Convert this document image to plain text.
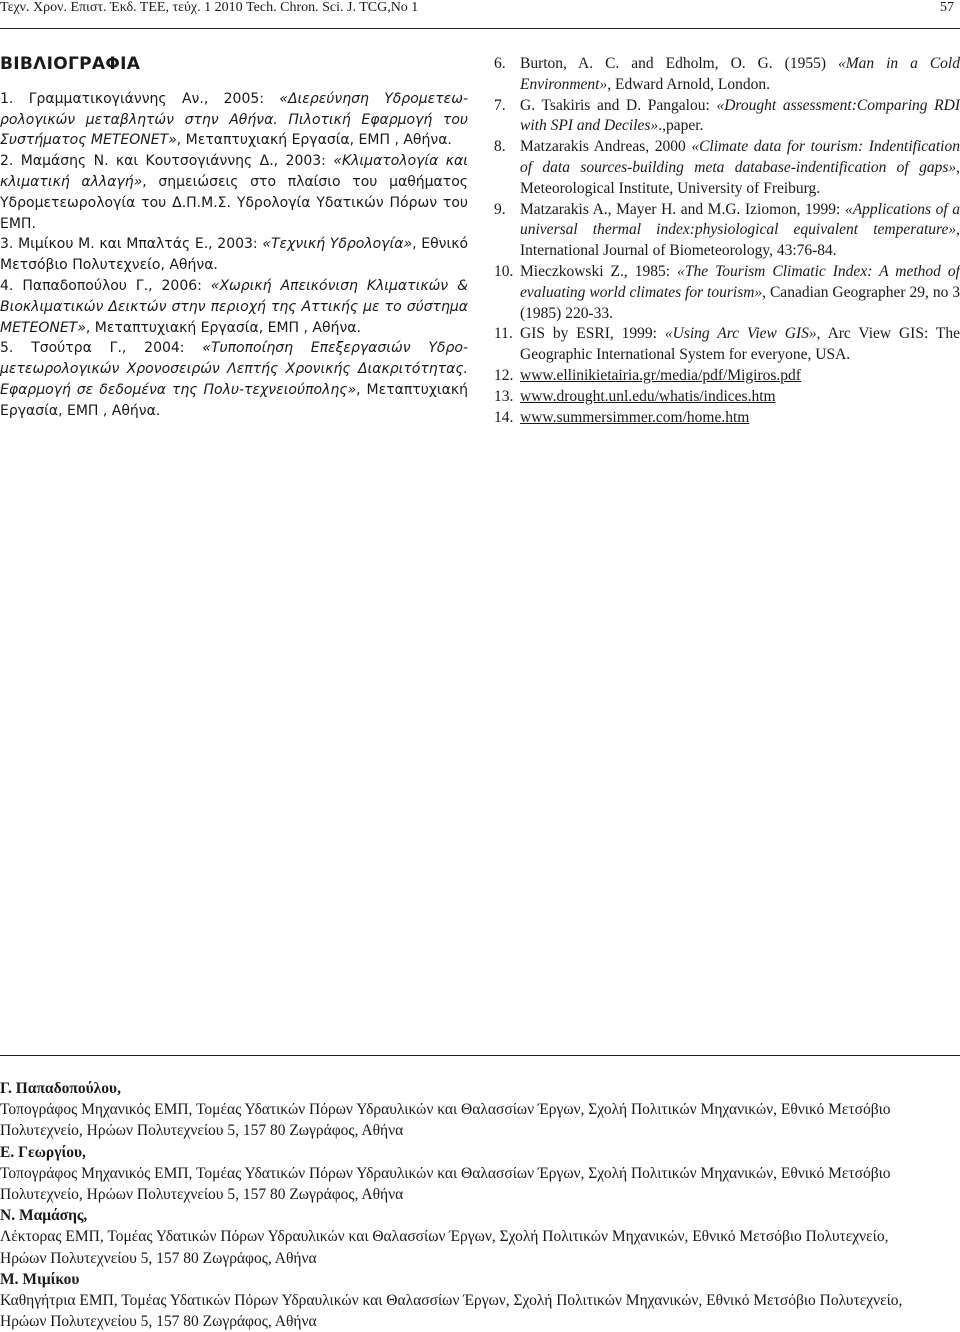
Τεχν. Χρον. Επιστ. Έκδ. ΤΕΕ, τεύχ. 1 2010 Tech. Chron. Sci. J. TCG,No 1	57
ΒΙΒΛΙΟΓΡΑΦΙΑ
1. Γραμματικογιάννης Αν., 2005: «Διερεύνηση Υδρομετεωρολογικών μεταβλητών στην Αθήνα. Πιλοτική Εφαρμογή του Συστήματος ΜΕΤΕΟΝΕΤ», Μεταπτυχιακή Εργασία, ΕΜΠ , Αθήνα.
2. Μαμάσης Ν. και Κουτσογιάννης Δ., 2003: «Κλιματολογία και κλιματική αλλαγή», σημειώσεις στο πλαίσιο του μαθήματος Υδρομετεωρολογία του Δ.Π.Μ.Σ. Υδρολογία Υδατικών Πόρων του ΕΜΠ.
3. Μιμίκου Μ. και Μπαλτάς Ε., 2003: «Τεχνική Υδρολογία», Εθνικό Μετσόβιο Πολυτεχνείο, Αθήνα.
4. Παπαδοπούλου Γ., 2006: «Χωρική Απεικόνιση Κλιματικών & Βιοκλιματικών Δεικτών στην περιοχή της Αττικής με το σύστημα ΜΕΤΕΟΝΕΤ», Μεταπτυχιακή Εργασία, ΕΜΠ , Αθήνα.
5. Τσούτρα Γ., 2004: «Τυποποίηση Επεξεργασιών Υδρομετεωρολογικών Χρονοσειρών Λεπτής Χρονικής Διακριτότητας. Εφαρμογή σε δεδομένα της Πολυ-τεχνειούπολης», Μεταπτυχιακή Εργασία, ΕΜΠ , Αθήνα.
6. Burton, A. C. and Edholm, O. G. (1955) «Man in a Cold Environment», Edward Arnold, London.
7. G. Tsakiris and D. Pangalou: «Drought assessment:Comparing RDI with SPI and Deciles».,paper.
8. Matzarakis Andreas, 2000 «Climate data for tourism: Indentification of data sources-building meta database-indentification of gaps», Meteorological Institute, University of Freiburg.
9. Matzarakis A., Mayer H. and M.G. Iziomon, 1999: «Applications of a universal thermal index:physiological equivalent temperature», International Journal of Biometeorology, 43:76-84.
10. Mieczkowski Z., 1985: «The Tourism Climatic Index: A method of evaluating world climates for tourism», Canadian Geographer 29, no 3 (1985) 220-33.
11. GIS by ESRI, 1999: «Using Arc View GIS», Arc View GIS: The Geographic International System for everyone, USA.
12. www.ellinikietairia.gr/media/pdf/Migiros.pdf
13. www.drought.unl.edu/whatis/indices.htm
14. www.summersimmer.com/home.htm
Γ. Παπαδοπούλου,
Τοπογράφος Μηχανικός ΕΜΠ, Τομέας Υδατικών Πόρων Υδραυλικών και Θαλασσίων Έργων, Σχολή Πολιτικών Μηχανικών, Εθνικό Μετσόβιο Πολυτεχνείο, Ηρώων Πολυτεχνείου 5, 157 80 Ζωγράφος, Αθήνα
Ε. Γεωργίου,
Τοπογράφος Μηχανικός ΕΜΠ, Τομέας Υδατικών Πόρων Υδραυλικών και Θαλασσίων Έργων, Σχολή Πολιτικών Μηχανικών, Εθνικό Μετσόβιο Πολυτεχνείο, Ηρώων Πολυτεχνείου 5, 157 80 Ζωγράφος, Αθήνα
Ν. Μαμάσης,
Λέκτορας ΕΜΠ, Τομέας Υδατικών Πόρων Υδραυλικών και Θαλασσίων Έργων, Σχολή Πολιτικών Μηχανικών, Εθνικό Μετσόβιο Πολυτεχνείο, Ηρώων Πολυτεχνείου 5, 157 80 Ζωγράφος, Αθήνα
Μ. Μιμίκου
Καθηγήτρια ΕΜΠ, Τομέας Υδατικών Πόρων Υδραυλικών και Θαλασσίων Έργων, Σχολή Πολιτικών Μηχανικών, Εθνικό Μετσόβιο Πολυτεχνείο, Ηρώων Πολυτεχνείου 5, 157 80 Ζωγράφος, Αθήνα
